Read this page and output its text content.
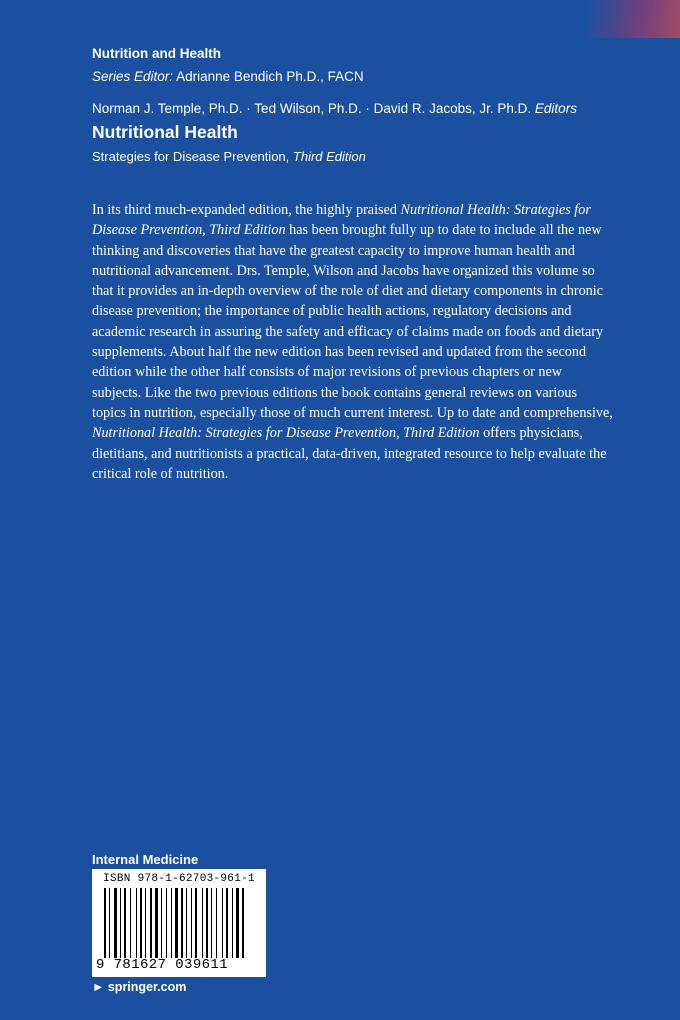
Nutrition and Health
Series Editor: Adrianne Bendich Ph.D., FACN
Norman J. Temple, Ph.D. · Ted Wilson, Ph.D. · David R. Jacobs, Jr. Ph.D. Editors
Nutritional Health
Strategies for Disease Prevention, Third Edition
In its third much-expanded edition, the highly praised Nutritional Health: Strategies for Disease Prevention, Third Edition has been brought fully up to date to include all the new thinking and discoveries that have the greatest capacity to improve human health and nutritional advancement. Drs. Temple, Wilson and Jacobs have organized this volume so that it provides an in-depth overview of the role of diet and dietary components in chronic disease prevention; the importance of public health actions, regulatory decisions and academic research in assuring the safety and efficacy of claims made on foods and dietary supplements. About half the new edition has been revised and updated from the second edition while the other half consists of major revisions of previous chapters or new subjects. Like the two previous editions the book contains general reviews on various topics in nutrition, especially those of much current interest. Up to date and comprehensive, Nutritional Health: Strategies for Disease Prevention, Third Edition offers physicians, dietitians, and nutritionists a practical, data-driven, integrated resource to help evaluate the critical role of nutrition.
Internal Medicine
ISBN 978-1-62703-961-1
9 781627 039611
► springer.com
